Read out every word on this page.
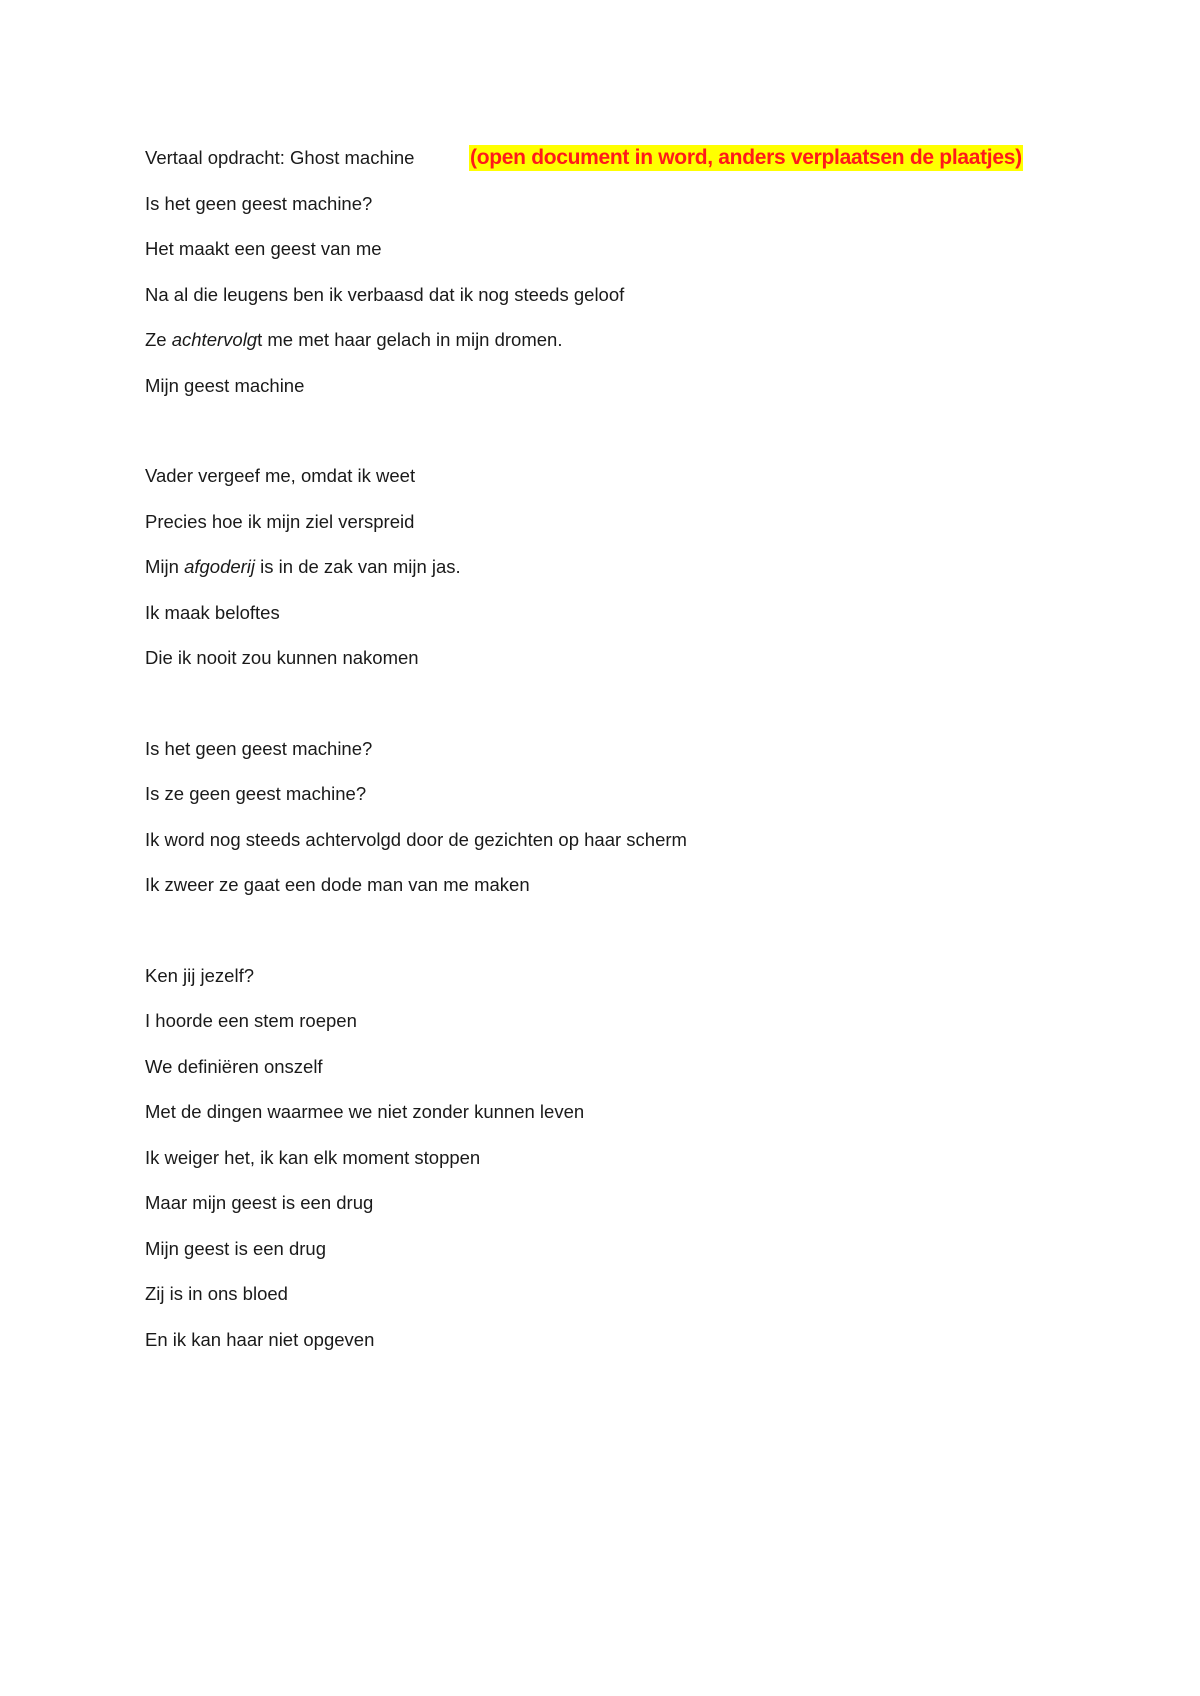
Vertaal opdracht: Ghost machine	(open document in word, anders verplaatsen de plaatjes)
Is het geen geest machine?
Het maakt een geest van me
Na al die leugens ben ik verbaasd dat ik nog steeds geloof
Ze achtervolgt me met haar gelach in mijn dromen.
Mijn geest machine
Vader vergeef me, omdat ik weet
Precies hoe ik mijn ziel verspreid
Mijn afgoderij is in de zak van mijn jas.
Ik maak beloftes
Die ik nooit zou kunnen nakomen
Is het geen geest machine?
Is ze geen geest machine?
Ik word nog steeds achtervolgd door de gezichten op haar scherm
Ik zweer ze gaat een dode man van me maken
Ken jij jezelf?
I hoorde een stem roepen
We definiëren onszelf
Met de dingen waarmee we niet zonder kunnen leven
Ik weiger het, ik kan elk moment stoppen
Maar mijn geest is een drug
Mijn geest is een drug
Zij is in ons bloed
En ik kan haar niet opgeven
